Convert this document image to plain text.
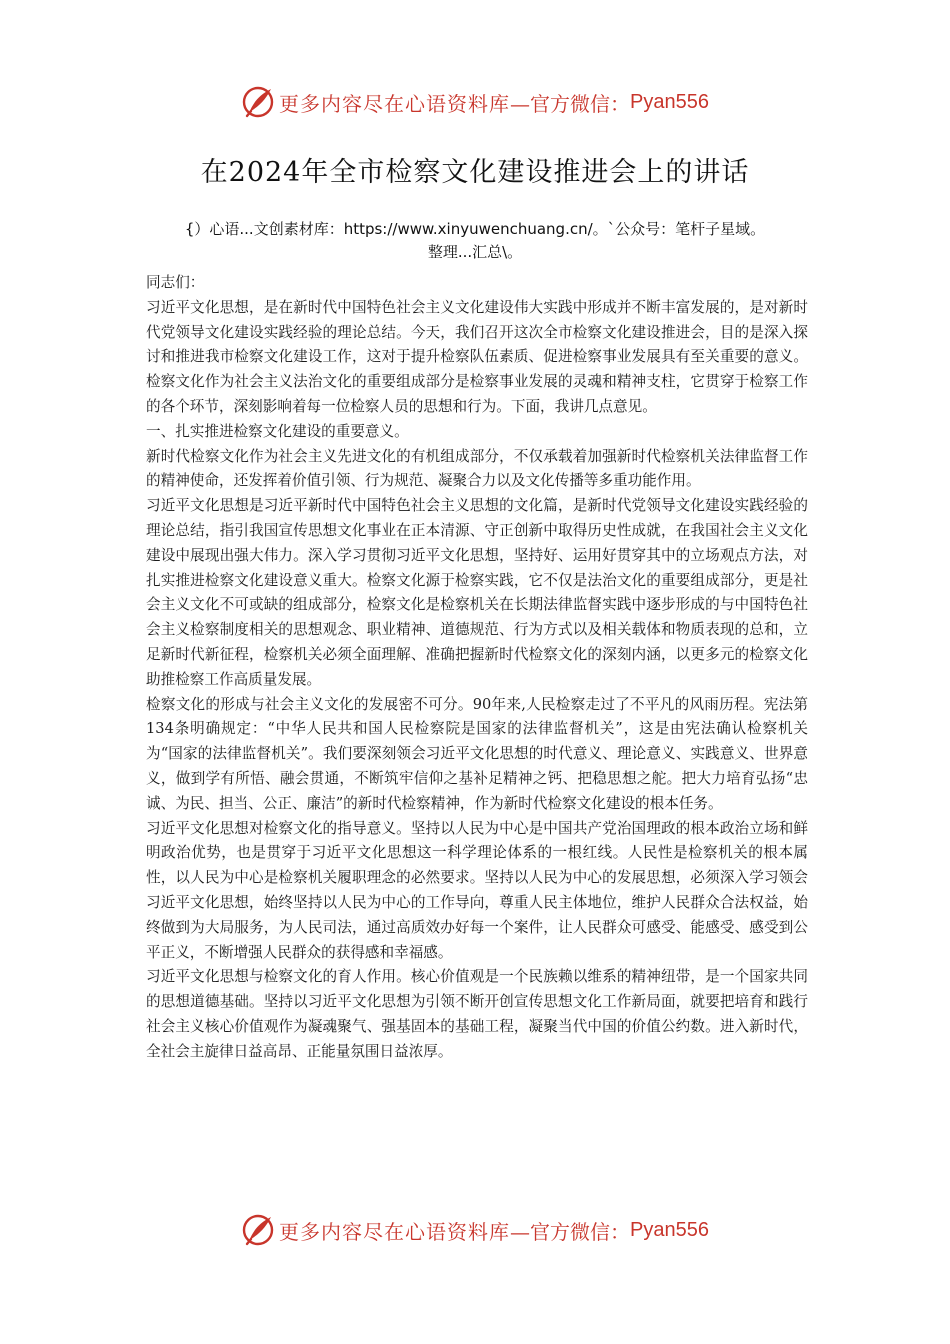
更多内容尽在心语资料库 —官方微信： Pyan556
在2024年全市检察文化建设推进会上的讲话
{）心语...文创素材库：https://www.xinyuwenchuang.cn/。`公众号：笔杆子星域。
整理...汇总\。

同志们：

习近平文化思想，是在新时代中国特色社会主义文化建设伟大实践中形成并不断丰富发展的，是对新时代党领导文化建设实践经验的理论总结。今天，我们召开这次全市检察文化建设推进会，目的是深入探讨和推进我市检察文化建设工作，这对于提升检察队伍素质、促进检察事业发展具有至关重要的意义。检察文化作为社会主义法治文化的重要组成部分是检察事业发展的灵魂和精神支柱，它贯穿于检察工作的各个环节，深刻影响着每一位检察人员的思想和行为。下面，我讲几点意见。

一、扎实推进检察文化建设的重要意义。

新时代检察文化作为社会主义先进文化的有机组成部分，不仅承载着加强新时代检察机关法律监督工作的精神使命，还发挥着价值引领、行为规范、凝聚合力以及文化传播等多重功能作用。

习近平文化思想是习近平新时代中国特色社会主义思想的文化篇，是新时代党领导文化建设实践经验的理论总结，指引我国宣传思想文化事业在正本清源、守正创新中取得历史性成就，在我国社会主义文化建设中展现出强大伟力。深入学习贯彻习近平文化思想，坚持好、运用好贯穿其中的立场观点方法，对扎实推进检察文化建设意义重大。检察文化源于检察实践，它不仅是法治文化的重要组成部分，更是社会主义文化不可或缺的组成部分，检察文化是检察机关在长期法律监督实践中逐步形成的与中国特色社会主义检察制度相关的思想观念、职业精神、道德规范、行为方式以及相关载体和物质表现的总和，立足新时代新征程，检察机关必须全面理解、准确把握新时代检察文化的深刻内涵，以更多元的检察文化助推检察工作高质量发展。

检察文化的形成与社会主义文化的发展密不可分。90年来,人民检察走过了不平凡的风雨历程。宪法第134条明确规定：“中华人民共和国人民检察院是国家的法律监督机关”，这是由宪法确认检察机关为“国家的法律监督机关”。我们要深刻领会习近平文化思想的时代意义、理论意义、实践意义、世界意义，做到学有所悟、融会贯通，不断筑牢信仰之基补足精神之钙、把稳思想之舵。把大力培育弘扬“忠诚、为民、担当、公正、廉洁”的新时代检察精神，作为新时代检察文化建设的根本任务。

习近平文化思想对检察文化的指导意义。坚持以人民为中心是中国共产党治国理政的根本政治立场和鲜明政治优势，也是贯穿于习近平文化思想这一科学理论体系的一根红线。人民性是检察机关的根本属性，以人民为中心是检察机关履职理念的必然要求。坚持以人民为中心的发展思想，必须深入学习领会习近平文化思想，始终坚持以人民为中心的工作导向，尊重人民主体地位，维护人民群众合法权益，始终做到为大局服务，为人民司法，通过高质效办好每一个案件，让人民群众可感受、能感受、感受到公平正义，不断增强人民群众的获得感和幸福感。

习近平文化思想与检察文化的育人作用。核心价值观是一个民族赖以维系的精神纽带，是一个国家共同的思想道德基础。坚持以习近平文化思想为引领不断开创宣传思想文化工作新局面，就要把培育和践行社会主义核心价值观作为凝魂聚气、强基固本的基础工程，凝聚当代中国的价值公约数。进入新时代，全社会主旋律日益高昂、正能量氛围日益浓厚。

更多内容尽在心语资料库 —官方微信： Pyan556
